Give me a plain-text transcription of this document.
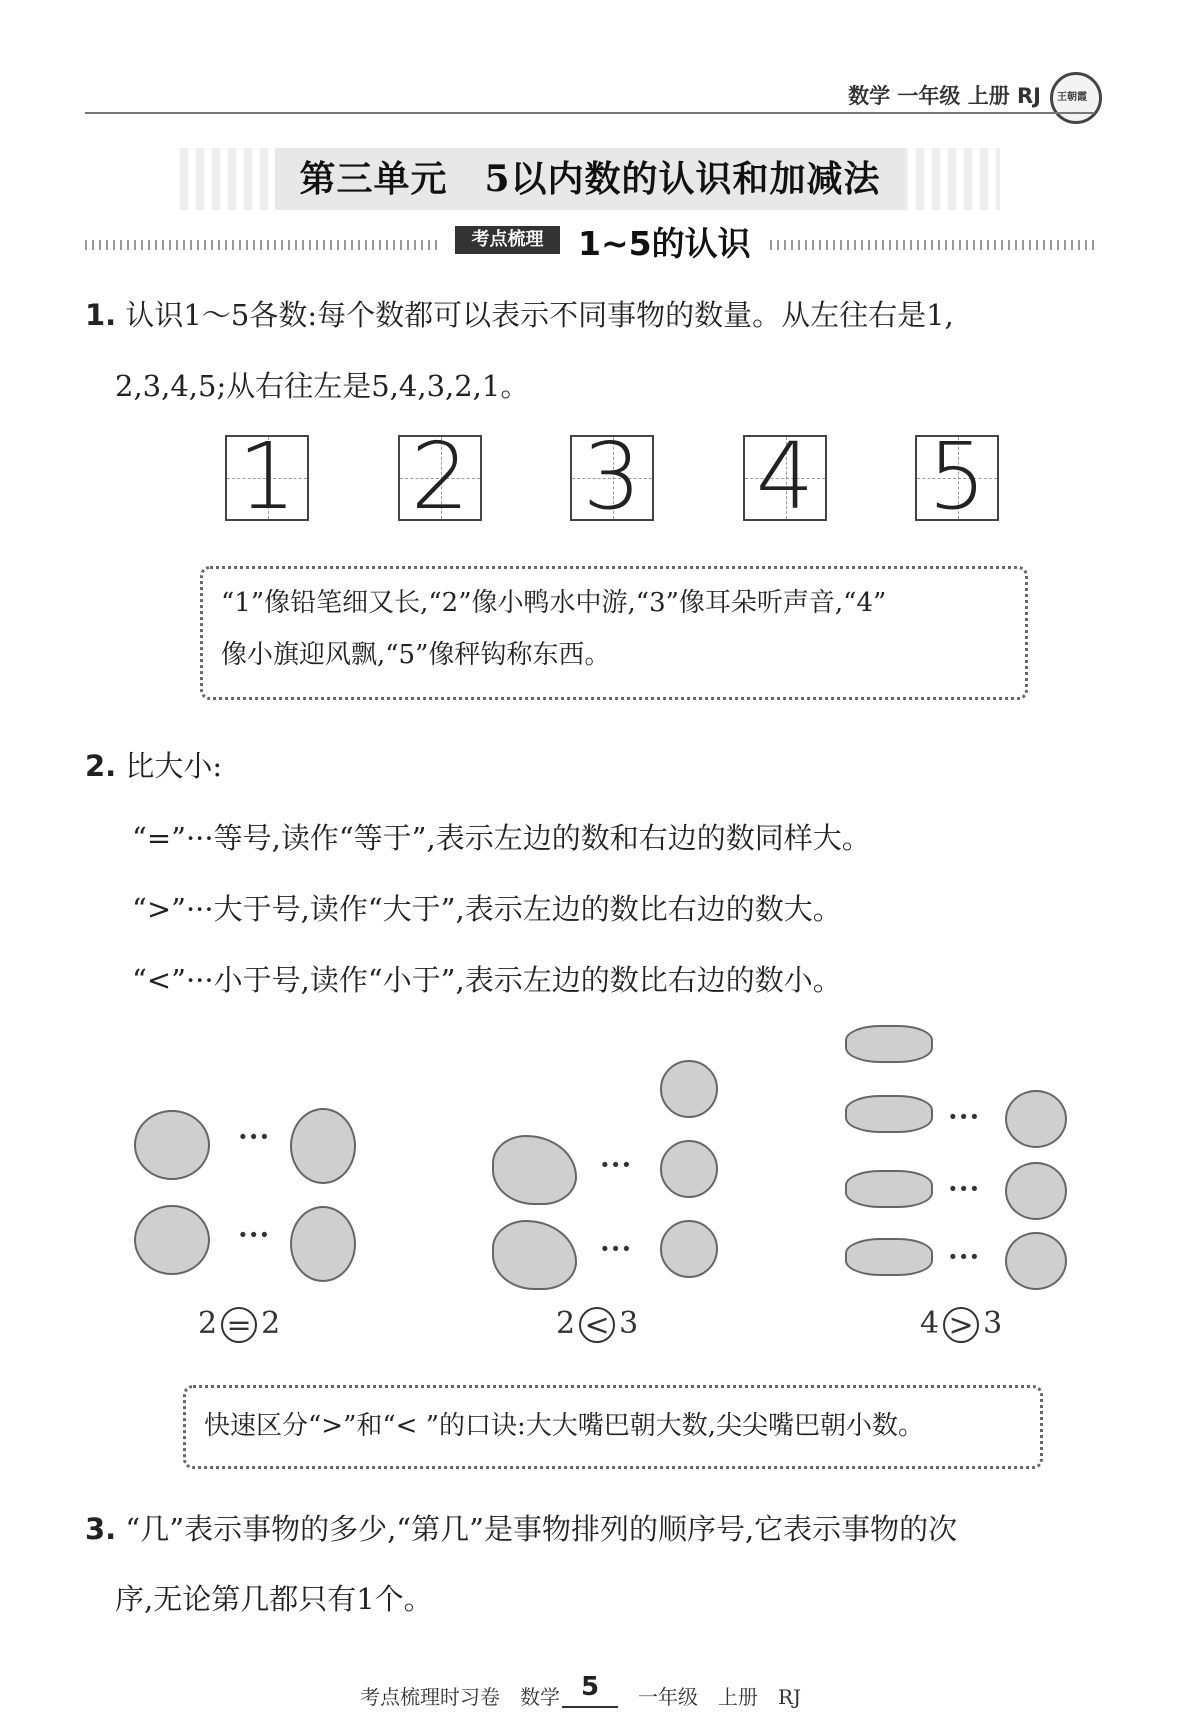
数学 一年级 上册 RJ 王朝霞
第三单元　5以内数的认识和加减法
考点梳理	1~5的认识
1. 认识1～5各数:每个数都可以表示不同事物的数量。从左往右是1,
2,3,4,5;从右往左是5,4,3,2,1。
1 2 3 4 5
“1”像铅笔细又长,“2”像小鸭水中游,“3”像耳朵听声音,“4”
像小旗迎风飘,“5”像秤钩称东西。
2. 比大小:
“=”···等号,读作“等于”,表示左边的数和右边的数同样大。
“>”···大于号,读作“大于”,表示左边的数比右边的数大。
“<”···小于号,读作“小于”,表示左边的数比右边的数小。
···
···
2 = 2
···
···
2 < 3
···
···
···
4 > 3
快速区分“>”和“< ”的口诀:大大嘴巴朝大数,尖尖嘴巴朝小数。
3. “几”表示事物的多少,“第几”是事物排列的顺序号,它表示事物的次
序,无论第几都只有1个。
考点梳理时习卷　数学 5	一年级　上册　RJ
